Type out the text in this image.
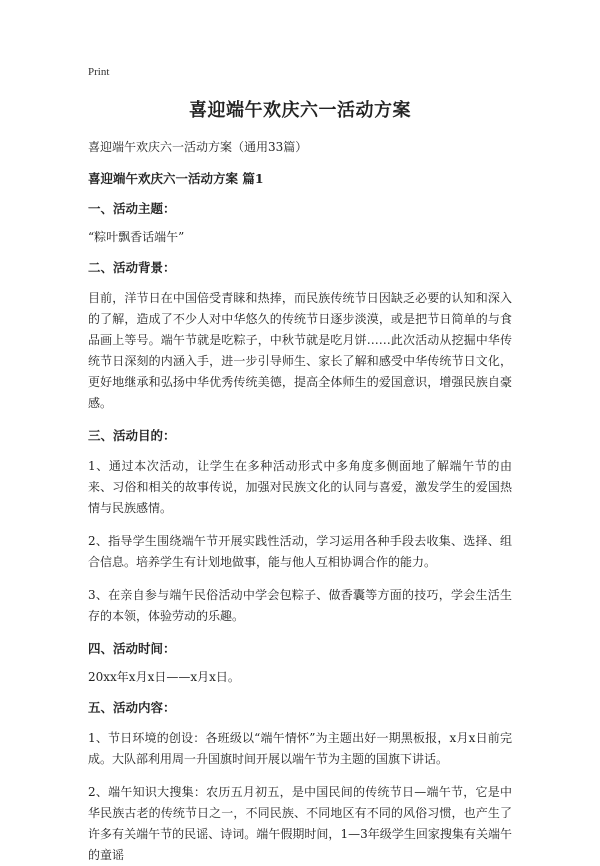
Print
喜迎端午欢庆六一活动方案

喜迎端午欢庆六一活动方案（通用33篇）

喜迎端午欢庆六一活动方案 篇1

一、活动主题：

“粽叶飘香话端午”

二、活动背景：

目前，洋节日在中国倍受青睐和热捧，而民族传统节日因缺乏必要的认知和深入的了解，造成了不少人对中华悠久的传统节日逐步淡漠，或是把节日简单的与食品画上等号。端午节就是吃粽子，中秋节就是吃月饼……此次活动从挖掘中华传统节日深刻的内涵入手，进一步引导师生、家长了解和感受中华传统节日文化，更好地继承和弘扬中华优秀传统美德，提高全体师生的爱国意识，增强民族自豪感。

三、活动目的：

1、通过本次活动，让学生在多种活动形式中多角度多侧面地了解端午节的由来、习俗和相关的故事传说，加强对民族文化的认同与喜爱，激发学生的爱国热情与民族感情。

2、指导学生围绕端午节开展实践性活动，学习运用各种手段去收集、选择、组合信息。培养学生有计划地做事，能与他人互相协调合作的能力。

3、在亲自参与端午民俗活动中学会包粽子、做香囊等方面的技巧，学会生活生存的本领，体验劳动的乐趣。

四、活动时间：

20xx年x月x日——x月x日。

五、活动内容：

1、节日环境的创设：各班级以“端午情怀”为主题出好一期黑板报，x月x日前完成。大队部利用周一升国旗时间开展以端午节为主题的国旗下讲话。

2、端午知识大搜集：农历五月初五，是中国民间的传统节日—端午节，它是中华民族古老的传统节日之一，不同民族、不同地区有不同的风俗习惯，也产生了许多有关端午节的民谣、诗词。端午假期时间，1—3年级学生回家搜集有关端午的童谣
